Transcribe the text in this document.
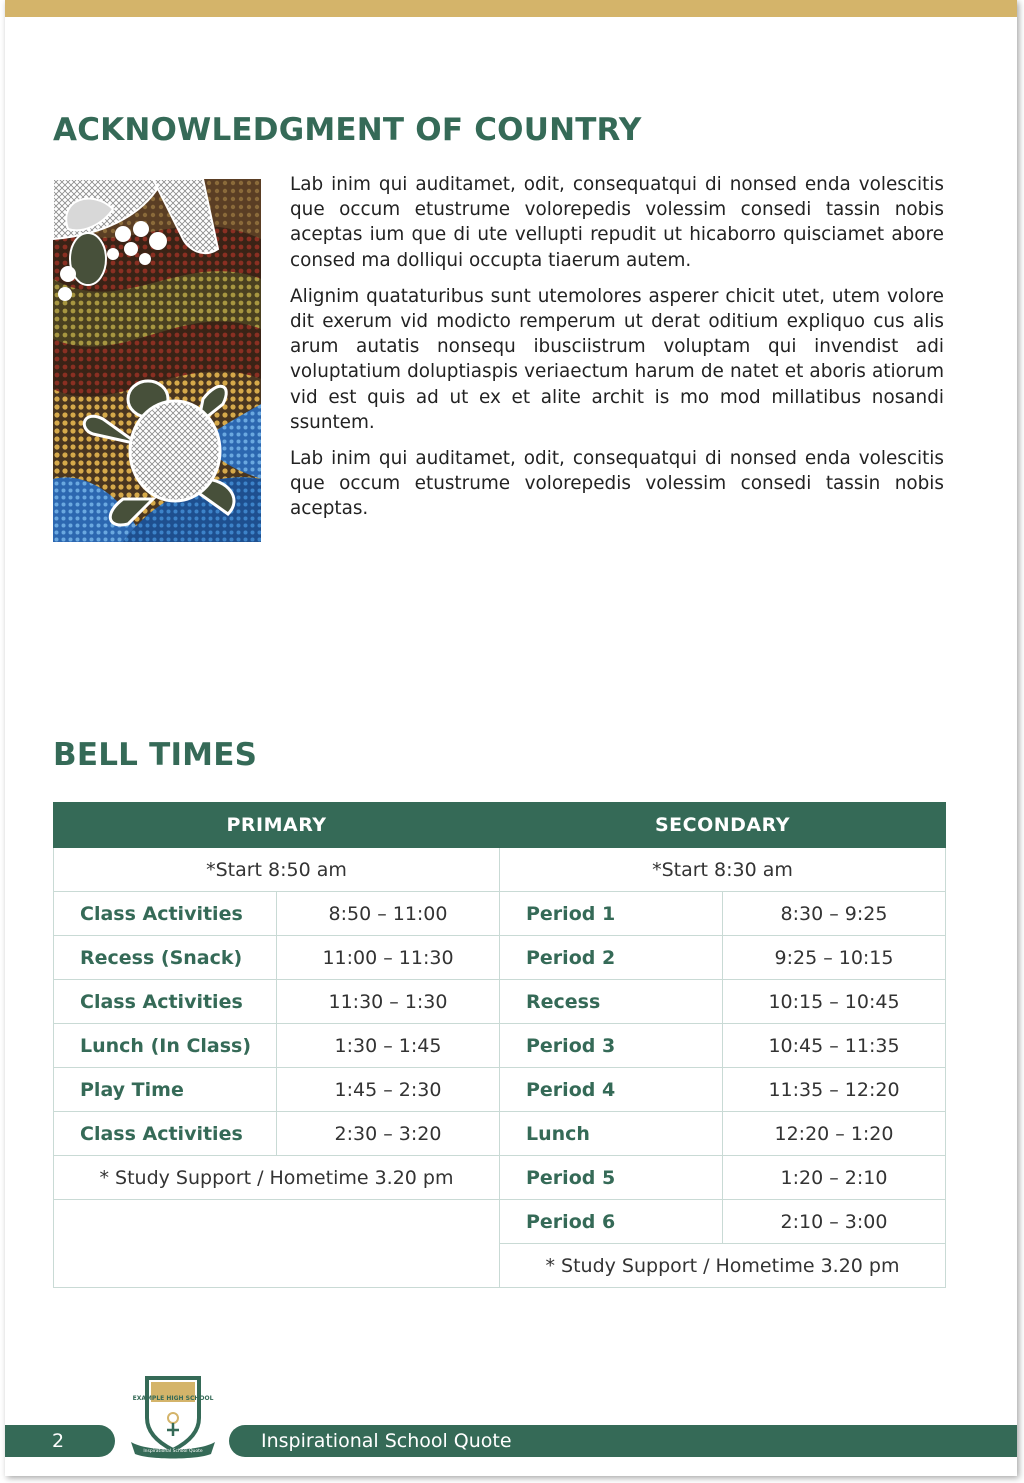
ACKNOWLEDGMENT OF COUNTRY

Lab inim qui auditamet, odit, consequatqui di nonsed enda volescitis que occum etustrume volorepedis volessim consedi tassin nobis aceptas ium que di ute vellupti repudit ut hicaborro quisciamet abore consed ma dolliqui occupta tiaerum autem.

Alignim quataturibus sunt utemolores asperer chicit utet, utem volore dit exerum vid modicto remperum ut derat oditium expliquo cus alis arum autatis nonsequ ibusciistrum voluptam qui invendist adi voluptatium doluptiaspis veriaectum harum de natet et aboris atiorum vid est quis ad ut ex et alite archit is mo mod millatibus nosandi ssuntem.

Lab inim qui auditamet, odit, consequatqui di nonsed enda volescitis que occum etustrume volorepedis volessim consedi tassin nobis aceptas.

BELL TIMES
PRIMARY		SECONDARY	
*Start 8:50 am		*Start 8:30 am	
Class Activities	8:50 – 11:00	Period 1	8:30 – 9:25
Recess (Snack)	11:00 – 11:30	Period 2	9:25 – 10:15
Class Activities	11:30 – 1:30	Recess	10:15 – 10:45
Lunch (In Class)	1:30 – 1:45	Period 3	10:45 – 11:35
Play Time	1:45 – 2:30	Period 4	11:35 – 12:20
Class Activities	2:30 – 3:20	Lunch	12:20 – 1:20
* Study Support / Hometime 3.20 pm		Period 5	1:20 – 2:10
		Period 6	2:10 – 3:00
		* Study Support / Hometime 3.20 pm	
2
EXAMPLE HIGH SCHOOL
Inspirational School Quote	Inspirational School Quote
